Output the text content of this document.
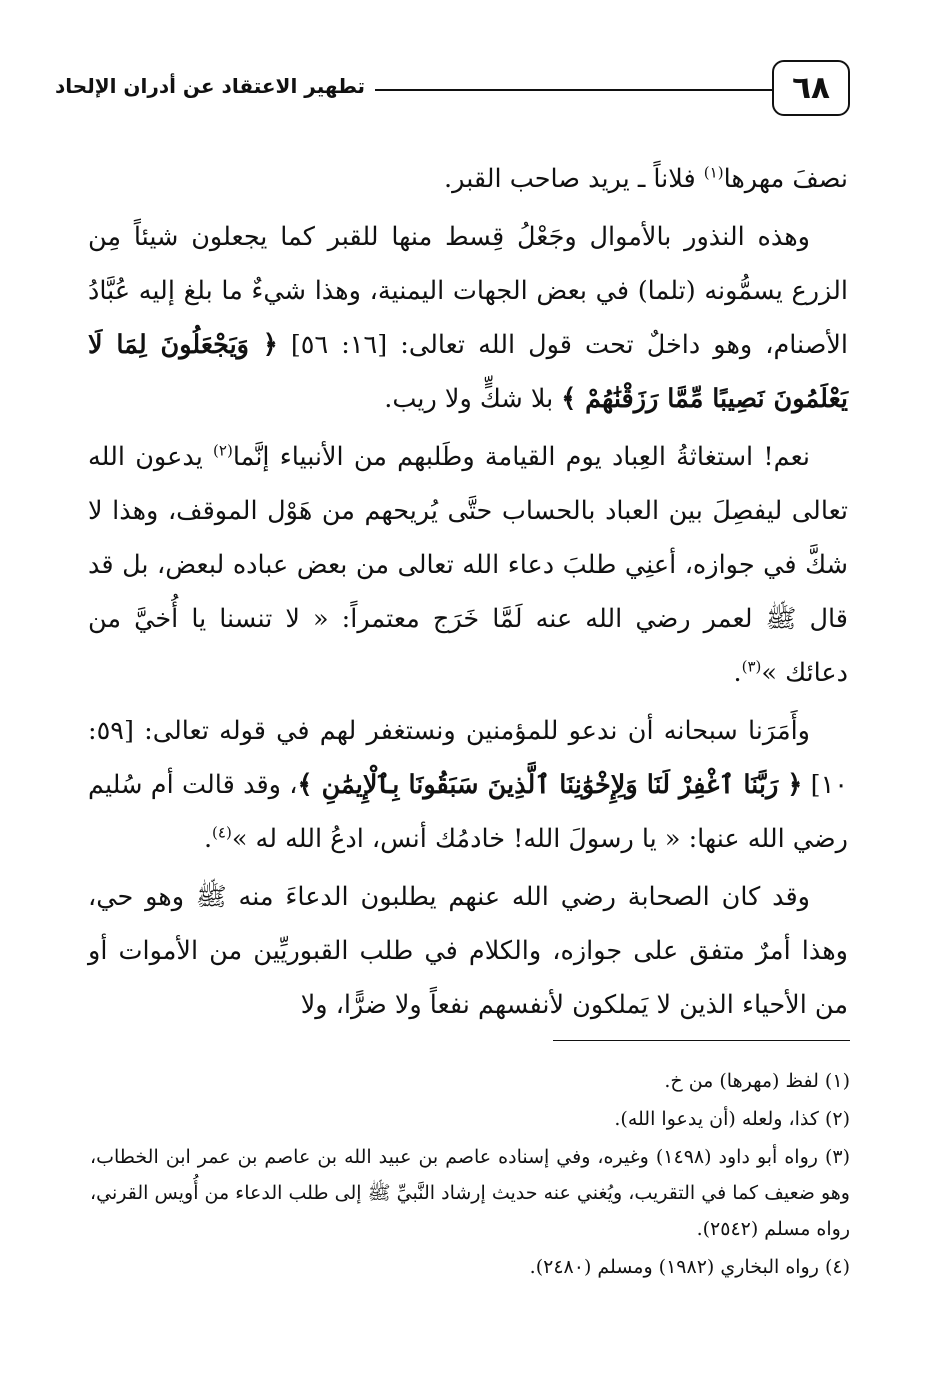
٦٨
تطهير الاعتقاد عن أدران الإلحاد

نصفَ مهرها$^{(١)}$ فلاناً ـ يريد صاحب القبر.

وهذه النذور بالأموال وجَعْلُ قِسط منها للقبر كما يجعلون شيئاً مِن الزرع يسمُّونه (تلما) في بعض الجهات اليمنية، وهذا شيءٌ ما بلغ إليه عُبَّادُ الأصنام، وهو داخلٌ تحت قول الله تعالى: [١٦: ٥٦] ﴿ وَيَجْعَلُونَ لِمَا لَا يَعْلَمُونَ نَصِيبًا مِّمَّا رَزَقْنَٰهُمْ ﴾ بلا شكٍّ ولا ريب.

نعم! استغاثةُ العِباد يوم القيامة وطَلبهم من الأنبياء إنَّما$^{(٢)}$ يدعون الله تعالى ليفصِلَ بين العباد بالحساب حتَّى يُريحهم من هَوْل الموقف، وهذا لا شكَّ في جوازه، أعنِي طلبَ دعاء الله تعالى من بعض عباده لبعض، بل قد قال ﷺ لعمر رضي الله عنه لَمَّا خَرَج معتمراً: « لا تنسنا يا أُخيَّ من دعائك »$^{(٣)}$.

وأَمَرَنا سبحانه أن ندعو للمؤمنين ونستغفر لهم في قوله تعالى: [٥٩: ١٠] ﴿ رَبَّنَا ٱغْفِرْ لَنَا وَلِإِخْوَٰنِنَا ٱلَّذِينَ سَبَقُونَا بِٱلْإِيمَٰنِ ﴾، وقد قالت أم سُليم رضي الله عنها: « يا رسولَ الله! خادمُك أنس، ادعُ الله له »$^{(٤)}$.

وقد كان الصحابة رضي الله عنهم يطلبون الدعاءَ منه ﷺ وهو حي، وهذا أمرٌ متفق على جوازه، والكلام في طلب القبوريِّين من الأموات أو من الأحياء الذين لا يَملكون لأنفسهم نفعاً ولا ضرًّا، ولا

(١) لفظ (مهرها) من خ.

(٢) كذا، ولعله (أن يدعوا الله).

(٣) رواه أبو داود (١٤٩٨) وغيره، وفي إسناده عاصم بن عبيد الله بن عاصم بن عمر ابن الخطاب، وهو ضعيف كما في التقريب، ويُغني عنه حديث إرشاد النَّبيِّ ﷺ إلى طلب الدعاء من أُويس القرني، رواه مسلم (٢٥٤٢).

(٤) رواه البخاري (١٩٨٢) ومسلم (٢٤٨٠).
